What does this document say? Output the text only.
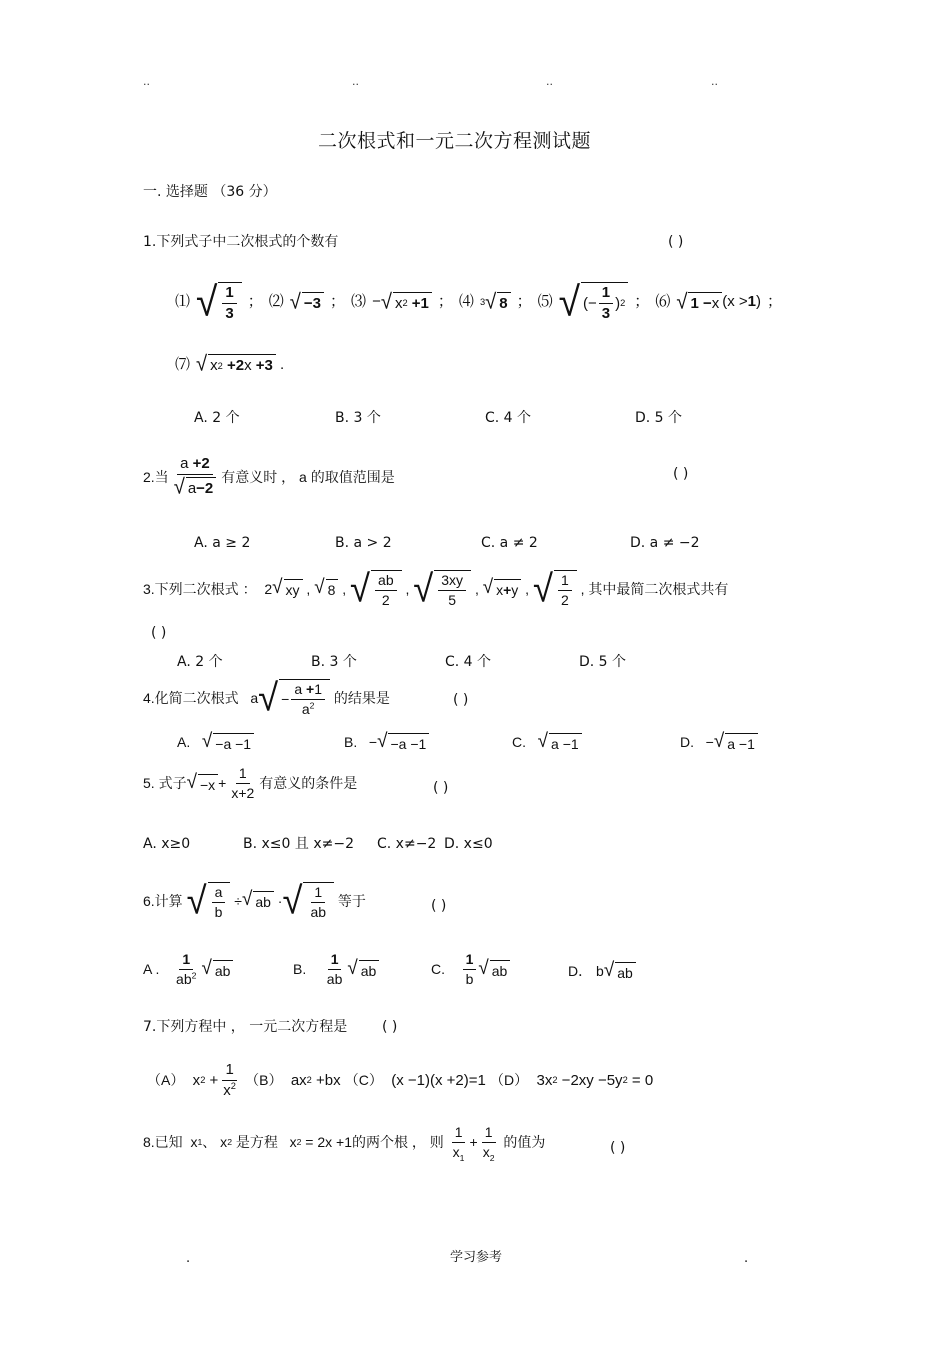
..	..	..	..
二次根式和一元二次方程测试题
一. 选择题 （36 分）
1.下列式子中二次根式的个数有	( )
⑴ √ $\frac{1}{3}$ ； ⑵ √ −3 ； ⑶
− √ x 2
+1 ； ⑷ 3 √ 8 ； ⑸ √ (− $\frac{1}{3}$ ) 2 ； ⑹ √ 1 − x (x > 1 )
；
⑺ √ x 2
+2 x +3 .
A. 2 个	B. 3 个	C. 4 个	D. 5 个
2.当 $\frac{a +2}{√ a -2}$ 有意义时 ， a 的取值范围是	( )
A. a ≥ 2	B. a > 2	C. a ≠ 2	D. a ≠ −2
3.下列二次根式 ： 2 √ xy , √ 8 , √ $\frac{ab}{2}$ , √ $\frac{3xy}{5}$ , √ x + y , √ $\frac{1}{2}$ , 其中最简二次根式共有
( )
A. 2 个	B. 3 个	C. 4 个	D. 5 个
4.化简二次根式 a √ − $\frac{a +1}{a^2}$
的结果是	( )
A.
√ −a −1	B. − √ −a −1	C.
√ a −1	D. − √ a −1
5. 式子 √ $-x + \frac{1}{x+2}$ 有意义的条件是	( )
A. x≥0	B. x≤0 且 x≠−2 C. x≠−2 D. x≤0
6.计算
√ $\frac{a}{b}$ ÷ √ ab · √ $\frac{1}{ab}$
等于	( )
A .
$\frac{1}{ab^2}$ √ ab	B.
$\frac{1}{ab}$ √ ab	C.
$\frac{1}{b}$ √ ab	D． b √ ab
7.下列方程中 ， 一元二次方程是 ( )
（A） x $2 + \frac{1}{x^2}$
（B） ax 2 +bx （C） (x −1)(x +2)=1 （D） 3x 2 −2xy −5y 2 = 0
8.已知 x 1 、 x 2
是方程 x 2 = 2x +1 的两个根 ， 则
$\frac{1}{x_1} + \frac{1}{x_2}$
的值为	( )
.	学习参考	.
